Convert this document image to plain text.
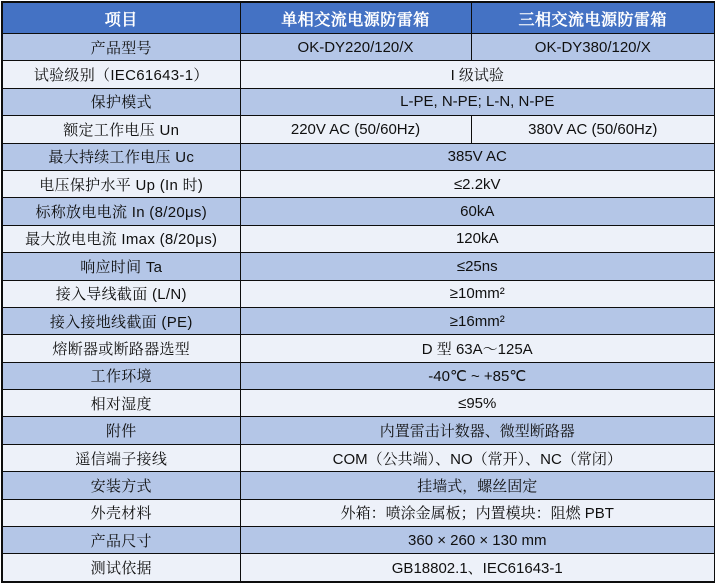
项目	单相交流电源防雷箱	三相交流电源防雷箱
产品型号	OK-DY220/120/X	OK-DY380/120/X
试验级别（IEC61643-1）	I 级试验	
保护模式	L-PE, N-PE; L-N, N-PE	
额定工作电压 Un	220V AC (50/60Hz)	380V AC (50/60Hz)
最大持续工作电压 Uc	385V AC	
电压保护水平 Up (In 时)	≤2.2kV	
标称放电电流 In (8/20μs)	60kA	
最大放电电流 Imax (8/20μs)	120kA	
响应时间 Ta	≤25ns	
接入导线截面 (L/N)	≥10mm²	
接入接地线截面 (PE)	≥16mm²	
熔断器或断路器选型	D 型 63A～125A	
工作环境	-40℃ ~ +85℃	
相对湿度	≤95%	
附件	内置雷击计数器、微型断路器	
遥信端子接线	COM（公共端）、NO（常开）、NC（常闭）	
安装方式	挂墙式，螺丝固定	
外壳材料	外箱：喷涂金属板；内置模块：阻燃 PBT	
产品尺寸	360 × 260 × 130 mm	
测试依据	GB18802.1、IEC61643-1	
